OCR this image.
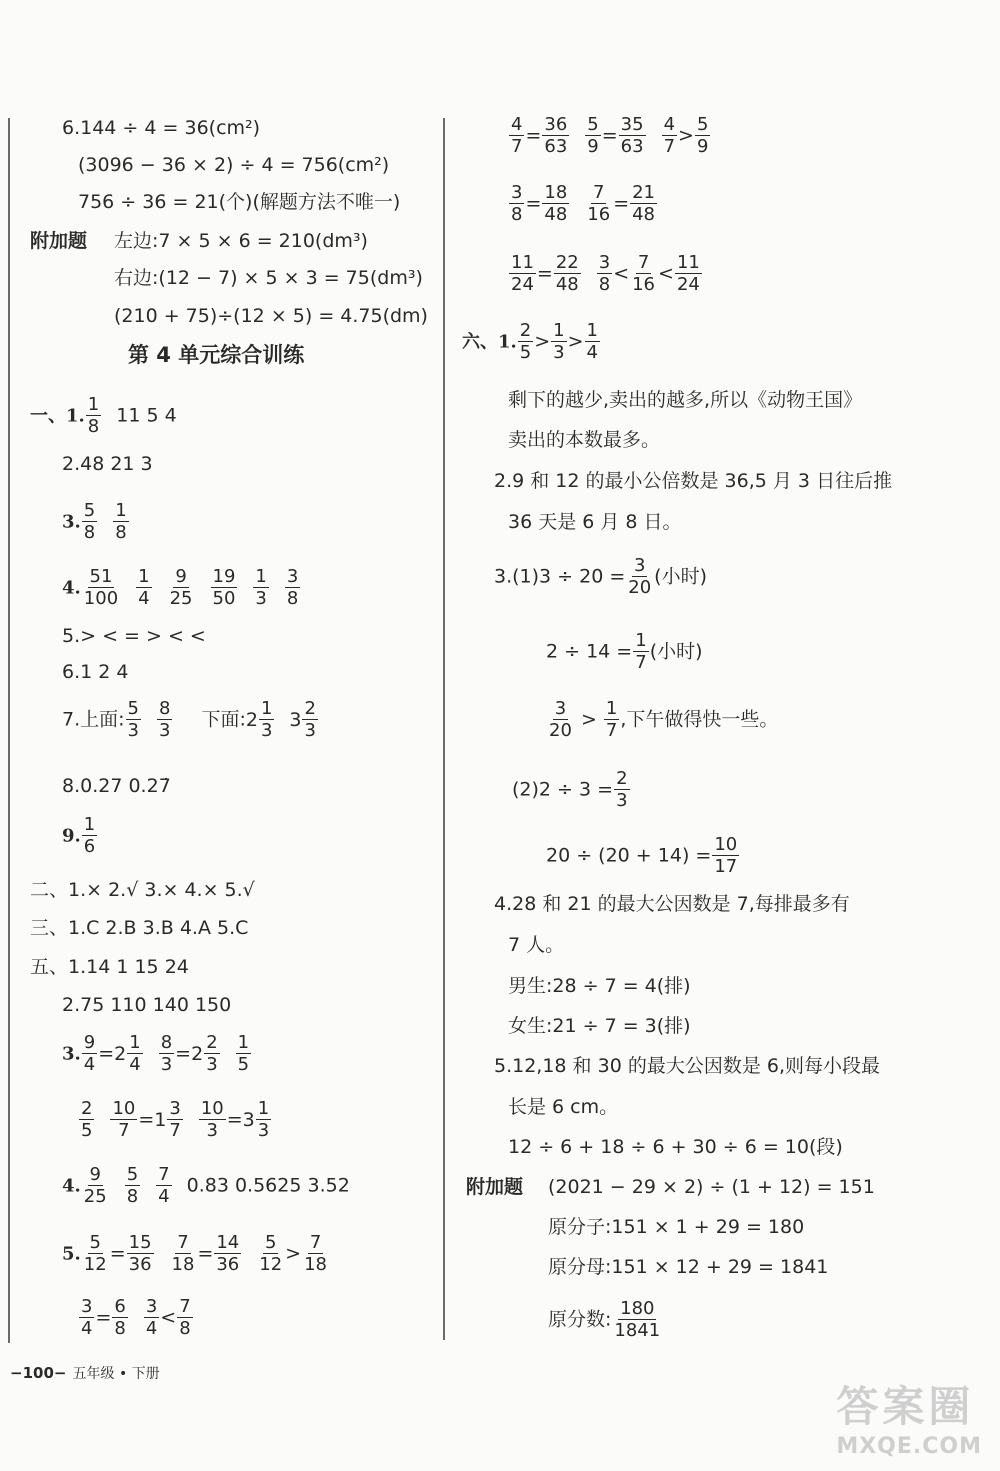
6.144 ÷ 4 = 36(cm²)
(3096 − 36 × 2) ÷ 4 = 756(cm²)
756 ÷ 36 = 21(个)(解题方法不唯一)
附加题 左边:7 × 5 × 6 = 210(dm³)
右边:(12 − 7) × 5 × 3 = 75(dm³)
(210 + 75)÷(12 × 5) = 4.75(dm)
第 4 单元综合训练
一、1. $\frac{1}{8} 11$ 5 4
2.48 21 3
3. $\frac{5}{8} \frac{1}{8}$
4. $\frac{51}{100} \frac{1}{4} \frac{9}{25} \frac{19}{50} \frac{1}{3} \frac{3}{8}$
5.> < = > < <
6.1 2 4
7.上面: $\frac{5}{3} \frac{8}{3}$ 下面:2 $\frac{1}{3} 3 \frac{2}{3}$
8.0.27 0.27̇
9. $\frac{1}{6}$
二、1.× 2.√ 3.× 4.× 5.√
三、1.C 2.B 3.B 4.A 5.C
五、1.14 1 15 24
2.75 110 140 150
3. $\frac{9}{4} =2 \frac{1}{4} \frac{8}{3} =2 \frac{2}{3} \frac{1}{5}$
$\frac{2}{5} \frac{10}{7} =1 \frac{3}{7} \frac{10}{3} =3 \frac{1}{3}$
4. $\frac{9}{25} \frac{5}{8} \frac{7}{4} 0.83$ 0.5625 3.52
5. $\frac{5}{12} = \frac{15}{36} \frac{7}{18} = \frac{14}{36} \frac{5}{12} > \frac{7}{18}$
$\frac{3}{4} = \frac{6}{8} \frac{3}{4} < \frac{7}{8}$
$\frac{4}{7} = \frac{36}{63} \frac{5}{9} = \frac{35}{63} \frac{4}{7} > \frac{5}{9}$
$\frac{3}{8} = \frac{18}{48} \frac{7}{16} = \frac{21}{48}$
$\frac{11}{24} = \frac{22}{48} \frac{3}{8} < \frac{7}{16} < \frac{11}{24}$
六、1. $\frac{2}{5} > \frac{1}{3} > \frac{1}{4}$
剩下的越少,卖出的越多,所以《动物王国》
卖出的本数最多。
2.9 和 12 的最小公倍数是 36,5 月 3 日往后推
36 天是 6 月 8 日。
$3.(1)3 \div 20 = \frac{3}{20}$ (小时)
$2 \div 14 = \frac{1}{7}$ (小时)
$\frac{3}{20} > \frac{1}{7}$ ,下午做得快一些。
$(2)2 \div 3 = \frac{2}{3}$
$20 \div (20 + 14) = \frac{10}{17}$
4.28 和 21 的最大公因数是 7,每排最多有
7 人。
男生:28 ÷ 7 = 4(排)
女生:21 ÷ 7 = 3(排)
5.12,18 和 30 的最大公因数是 6,则每小段最
长是 6 cm。
12 ÷ 6 + 18 ÷ 6 + 30 ÷ 6 = 10(段)
附加题 (2021 − 29 × 2) ÷ (1 + 12) = 151
原分子:151 × 1 + 29 = 180
原分母:151 × 12 + 29 = 1841
原分数: $\frac{180}{1841}$
−100− 五年级 • 下册
答案圈
MXQE.COM
